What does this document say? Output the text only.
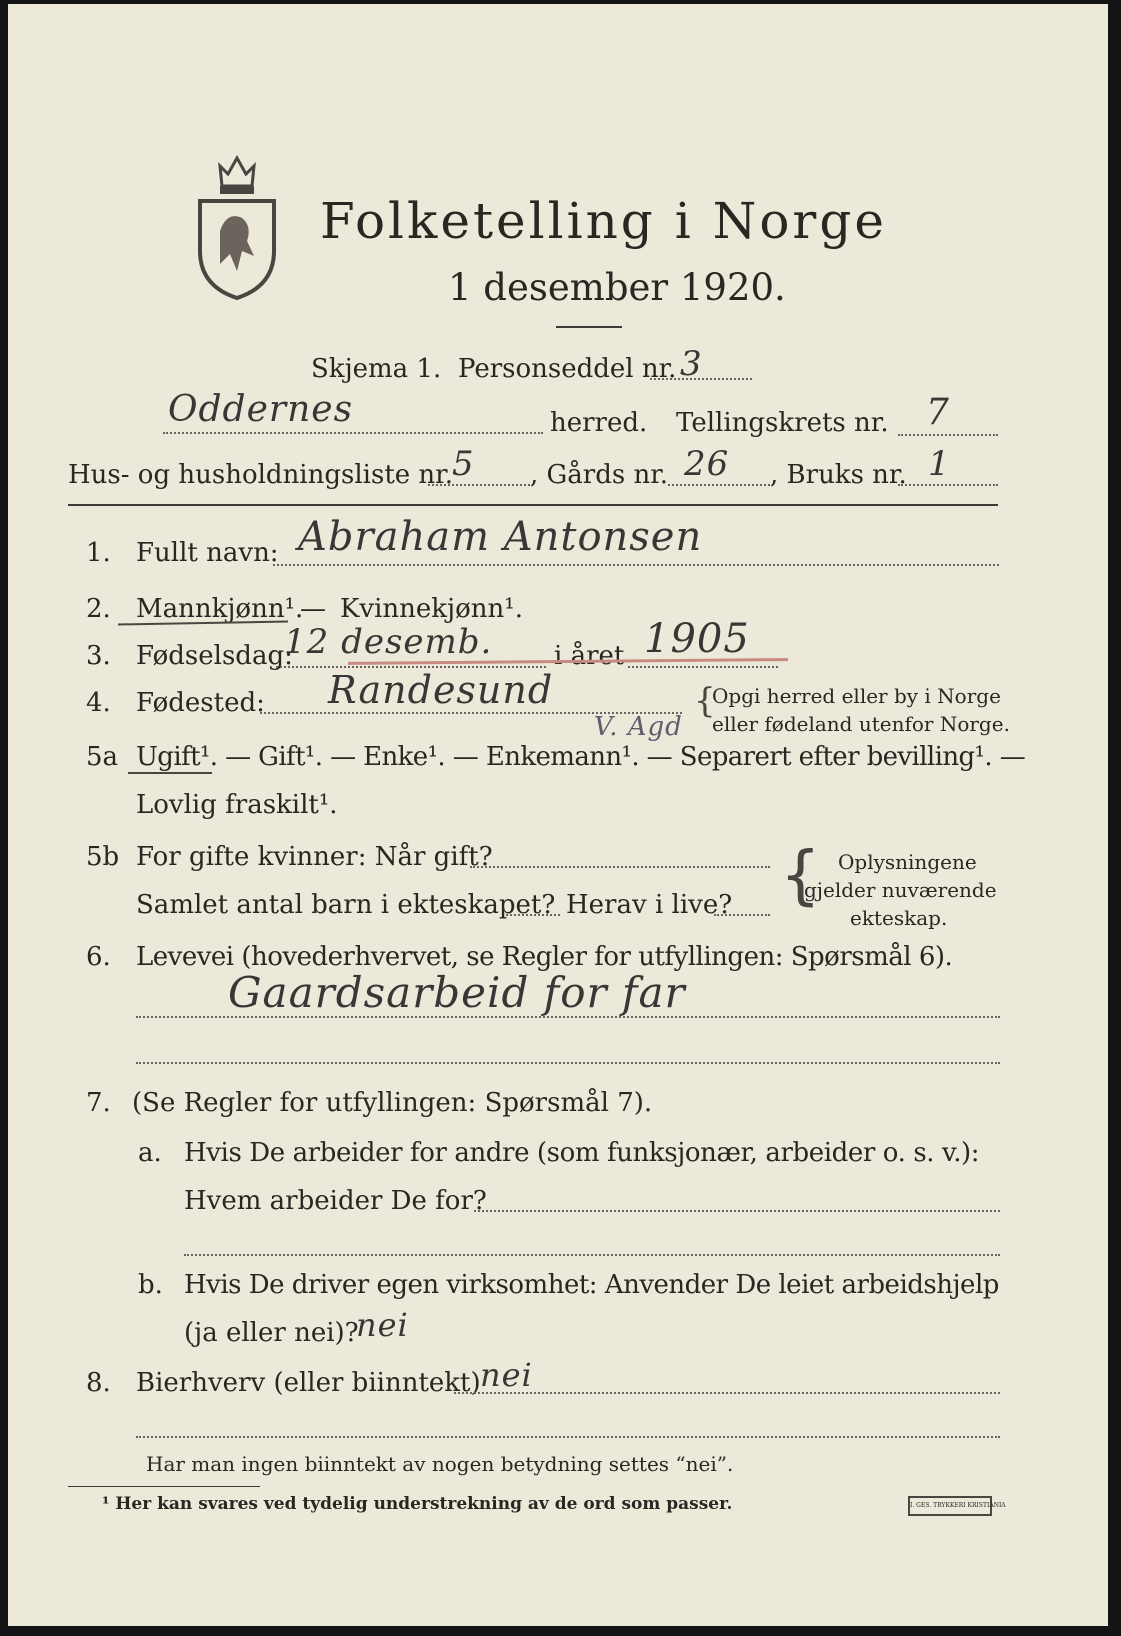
Folketelling i Norge
1 desember 1920.
Skjema 1. Personseddel nr. 3
Oddernes	herred. Tellingskrets nr. 7
Hus- og husholdningsliste nr.
5 , Gårds nr. 26 , Bruks nr. 1
1. Fullt navn: Abraham Antonsen
2. Mannkjønn¹.
— Kvinnekjønn¹.
3. Fødselsdag:
12 desemb. i året 1905
4. Fødested: Randesund
V. Agd
{
Opgi herred eller by i Norge
eller fødeland utenfor Norge.
5a Ugift¹. — Gift¹. — Enke¹. — Enkemann¹. — Separert efter bevilling¹. —
Lovlig fraskilt¹.
5b For gifte kvinner: Når gift?
Samlet antal barn i ekteskapet? Herav i live? { Oplysningene
gjelder nuværende
ekteskap.
6. Levevei (hovederhvervet, se Regler for utfyllingen: Spørsmål 6).
Gaardsarbeid for far
7. (Se Regler for utfyllingen: Spørsmål 7).
a. Hvis De arbeider for andre (som funksjonær, arbeider o. s. v.):
Hvem arbeider De for?
b. Hvis De driver egen virksomhet: Anvender De leiet arbeidshjelp
(ja eller nei)?
nei
8. Bierhverv (eller biinntekt) nei
Har man ingen biinntekt av nogen betydning settes “nei”.
¹ Her kan svares ved tydelig understrekning av de ord som passer.	I. GES. TRYKKERI KRISTIANIA
